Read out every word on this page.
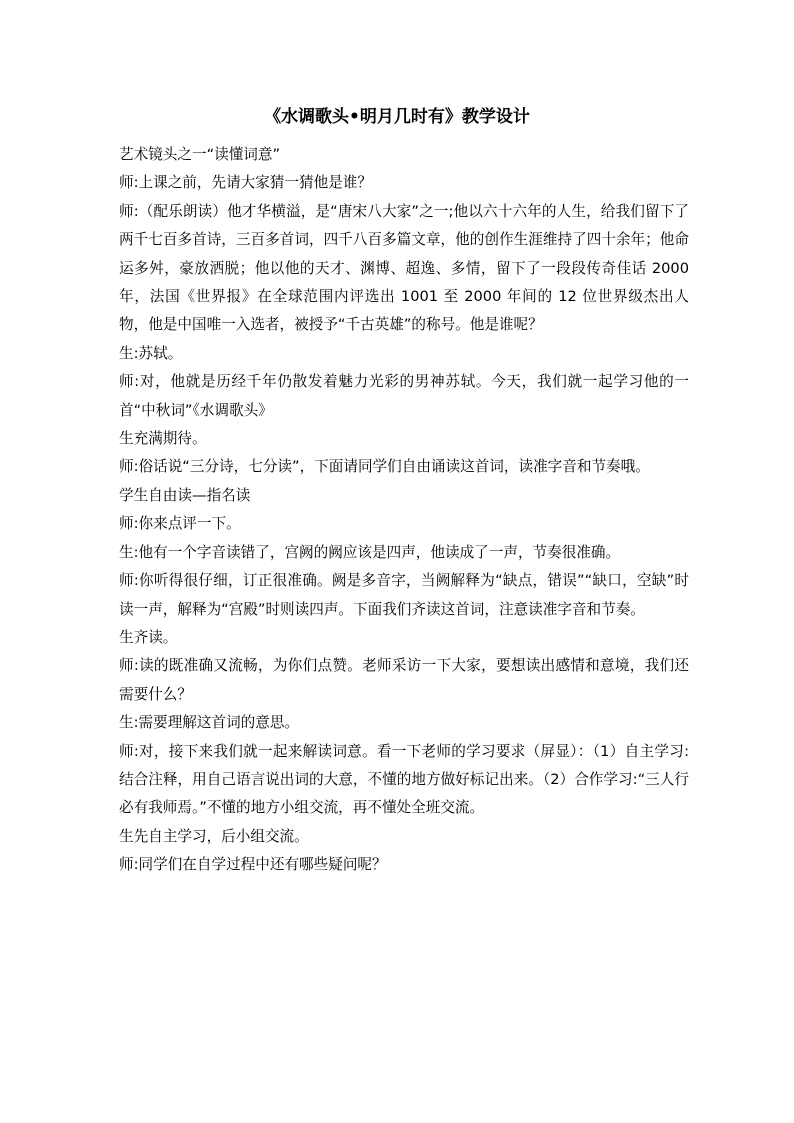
《水调歌头•明月几时有》教学设计

艺术镜头之一“读懂词意”

师:上课之前，先请大家猜一猜他是谁？

师:（配乐朗读）他才华横溢，是“唐宋八大家”之一;他以六十六年的人生，给我们留下了两千七百多首诗，三百多首词，四千八百多篇文章，他的创作生涯维持了四十余年；他命运多舛，豪放洒脱；他以他的天才、渊博、超逸、多情，留下了一段段传奇佳话 2000 年，法国《世界报》在全球范围内评选出 1001 至 2000 年间的 12 位世界级杰出人物，他是中国唯一入选者，被授予“千古英雄”的称号。他是谁呢？

生:苏轼。

师:对，他就是历经千年仍散发着魅力光彩的男神苏轼。今天，我们就一起学习他的一首“中秋词”《水调歌头》

生充满期待。

师:俗话说“三分诗，七分读”，下面请同学们自由诵读这首词，读准字音和节奏哦。

学生自由读—指名读

师:你来点评一下。

生:他有一个字音读错了，宫阙的阙应该是四声，他读成了一声，节奏很准确。

师:你听得很仔细，订正很准确。阙是多音字，当阙解释为“缺点，错误”“缺口，空缺”时读一声，解释为“宫殿”时则读四声。下面我们齐读这首词，注意读准字音和节奏。

生齐读。

师:读的既准确又流畅，为你们点赞。老师采访一下大家，要想读出感情和意境，我们还需要什么？

生:需要理解这首词的意思。

师:对，接下来我们就一起来解读词意。看一下老师的学习要求（屏显）：（1）自主学习:结合注释，用自己语言说出词的大意，不懂的地方做好标记出来。（2）合作学习:“三人行必有我师焉。”不懂的地方小组交流，再不懂处全班交流。

生先自主学习，后小组交流。

师:同学们在自学过程中还有哪些疑问呢？
